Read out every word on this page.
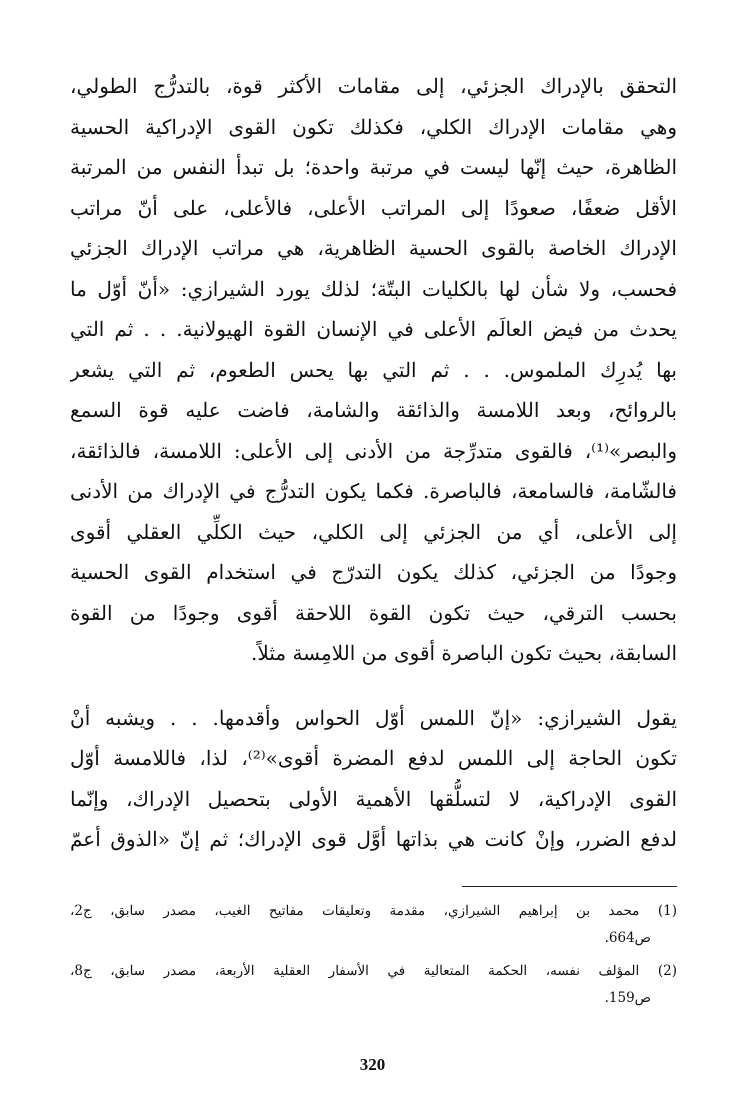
التحقق بالإدراك الجزئي، إلى مقامات الأكثر قوة، بالتدرُّج الطولي،
وهي مقامات الإدراك الكلي، فكذلك تكون القوى الإدراكية الحسية
الظاهرة، حيث إنّها ليست في مرتبة واحدة؛ بل تبدأ النفس من المرتبة
الأقل ضعفًا، صعودًا إلى المراتب الأعلى، فالأعلى، على أنّ مراتب
الإدراك الخاصة بالقوى الحسية الظاهرية، هي مراتب الإدراك الجزئي
فحسب، ولا شأن لها بالكليات البتّة؛ لذلك يورد الشيرازي: «أنّ أوّل ما
يحدث من فيض العالَم الأعلى في الإنسان القوة الهيولانية. . . ثم التي
بها يُدرِك الملموس. . . ثم التي بها يحس الطعوم، ثم التي يشعر
بالروائح، وبعد اللامسة والذائقة والشامة، فاضت عليه قوة السمع
والبصر»⁽¹⁾، فالقوى متدرِّجة من الأدنى إلى الأعلى: اللامسة، فالذائقة،
فالشّامة، فالسامعة، فالباصرة. فكما يكون التدرُّج في الإدراك من الأدنى
إلى الأعلى، أي من الجزئي إلى الكلي، حيث الكلِّي العقلي أقوى
وجودًا من الجزئي، كذلك يكون التدرّج في استخدام القوى الحسية
بحسب الترقي، حيث تكون القوة اللاحقة أقوى وجودًا من القوة
السابقة، بحيث تكون الباصرة أقوى من اللامِسة مثلاً.
يقول الشيرازي: «إنّ اللمس أوّل الحواس وأقدمها. . . ويشبه أنْ
تكون الحاجة إلى اللمس لدفع المضرة أقوى»⁽²⁾، لذا، فاللامسة أوّل
القوى الإدراكية، لا لتسلُّقها الأهمية الأولى بتحصيل الإدراك، وإنّما
لدفع الضرر، وإنْ كانت هي بذاتها أوَّل قوى الإدراك؛ ثم إنّ «الذوق أعمّ
(1) محمد بن إبراهيم الشيرازي، مقدمة وتعليقات مفاتيح الغيب، مصدر سابق، ج2،
ص664.
(2) المؤلف نفسه، الحكمة المتعالية في الأسفار العقلية الأربعة، مصدر سابق، ج8،
ص159.
320
